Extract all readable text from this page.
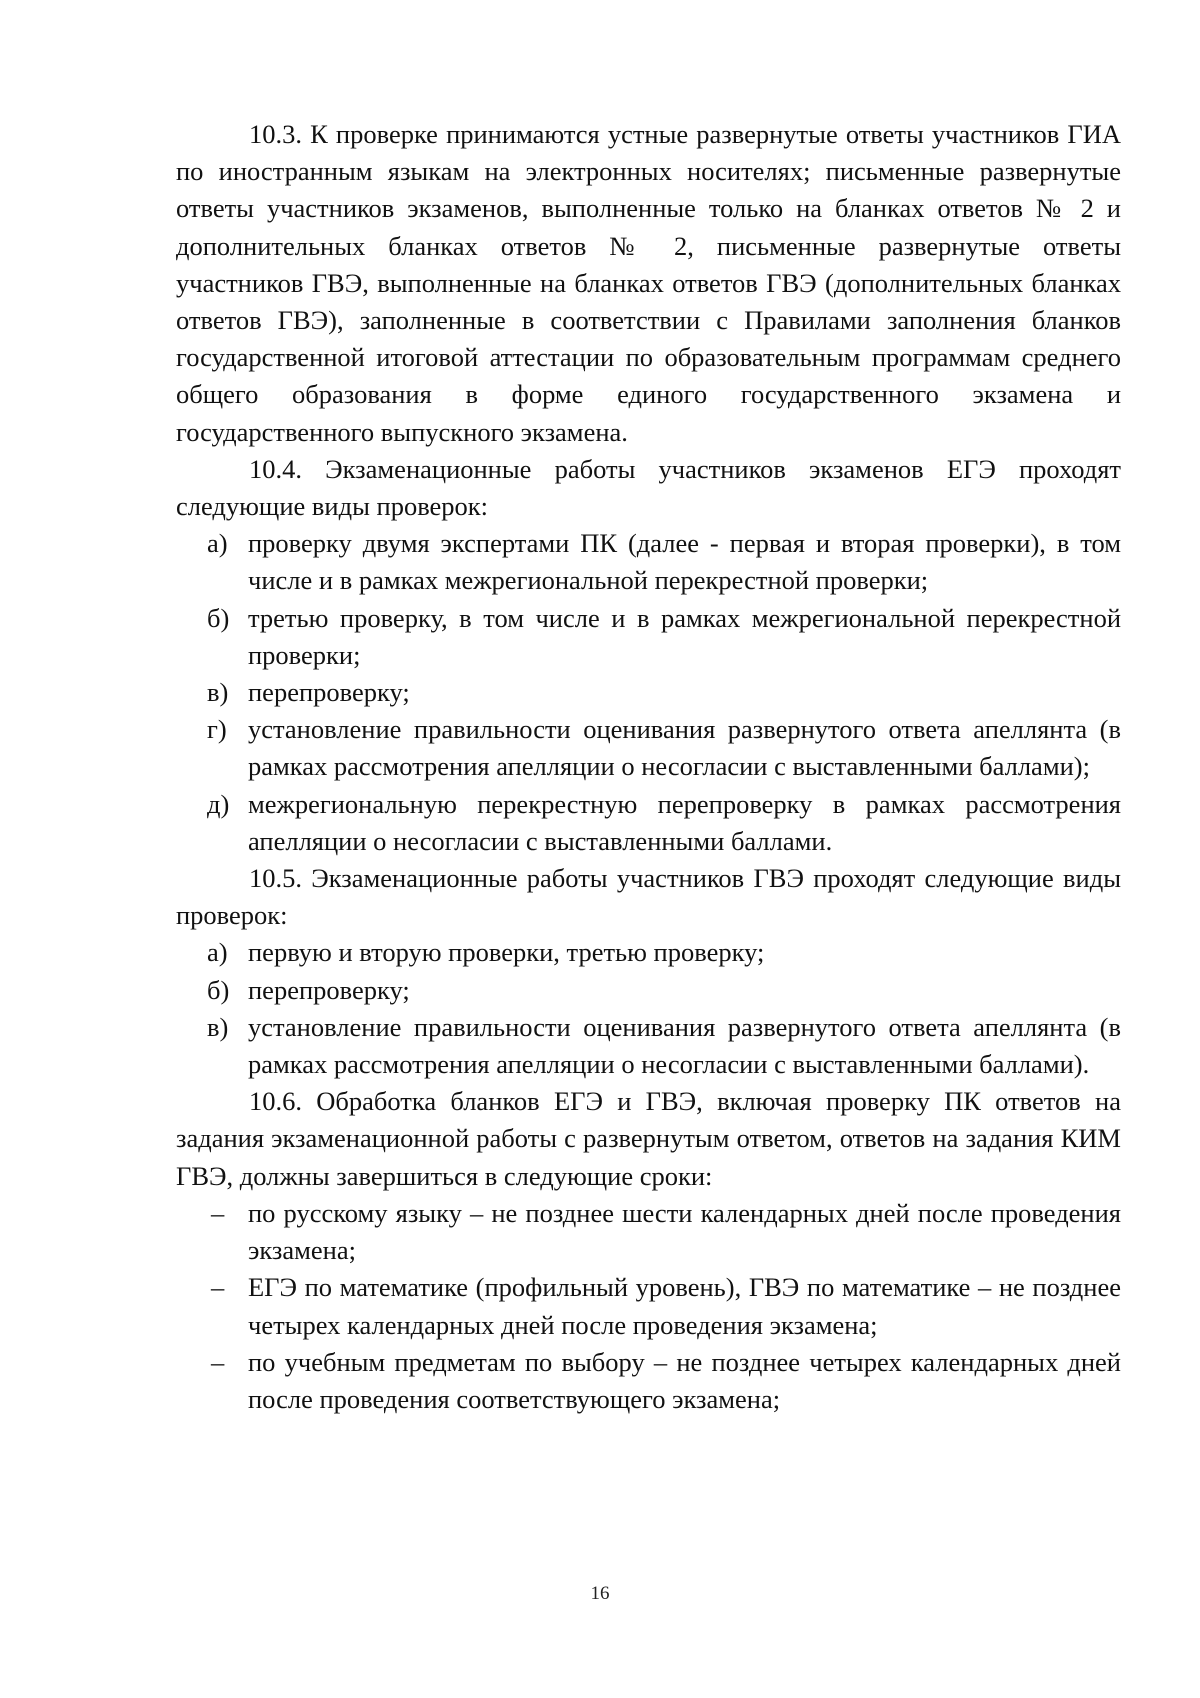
10.3. К проверке принимаются устные развернутые ответы участников ГИА по иностранным языкам на электронных носителях; письменные развернутые ответы участников экзаменов, выполненные только на бланках ответов № 2 и дополнительных бланках ответов № 2, письменные развернутые ответы участников ГВЭ, выполненные на бланках ответов ГВЭ (дополнительных бланках ответов ГВЭ), заполненные в соответствии с Правилами заполнения бланков государственной итоговой аттестации по образовательным программам среднего общего образования в форме единого государственного экзамена и государственного выпускного экзамена.

10.4. Экзаменационные работы участников экзаменов ЕГЭ проходят следующие виды проверок:

а) проверку двумя экспертами ПК (далее - первая и вторая проверки), в том числе и в рамках межрегиональной перекрестной проверки;
б) третью проверку, в том числе и в рамках межрегиональной перекрестной проверки;
в) перепроверку;
г) установление правильности оценивания развернутого ответа апеллянта (в рамках рассмотрения апелляции о несогласии с выставленными баллами);
д) межрегиональную перекрестную перепроверку в рамках рассмотрения апелляции о несогласии с выставленными баллами.

10.5. Экзаменационные работы участников ГВЭ проходят следующие виды проверок:

а) первую и вторую проверки, третью проверку;
б) перепроверку;
в) установление правильности оценивания развернутого ответа апеллянта (в рамках рассмотрения апелляции о несогласии с выставленными баллами).

10.6. Обработка бланков ЕГЭ и ГВЭ, включая проверку ПК ответов на задания экзаменационной работы с развернутым ответом, ответов на задания КИМ ГВЭ, должны завершиться в следующие сроки:

– по русскому языку – не позднее шести календарных дней после проведения экзамена;
– ЕГЭ по математике (профильный уровень), ГВЭ по математике – не позднее четырех календарных дней после проведения экзамена;
– по учебным предметам по выбору – не позднее четырех календарных дней после проведения соответствующего экзамена;
16
